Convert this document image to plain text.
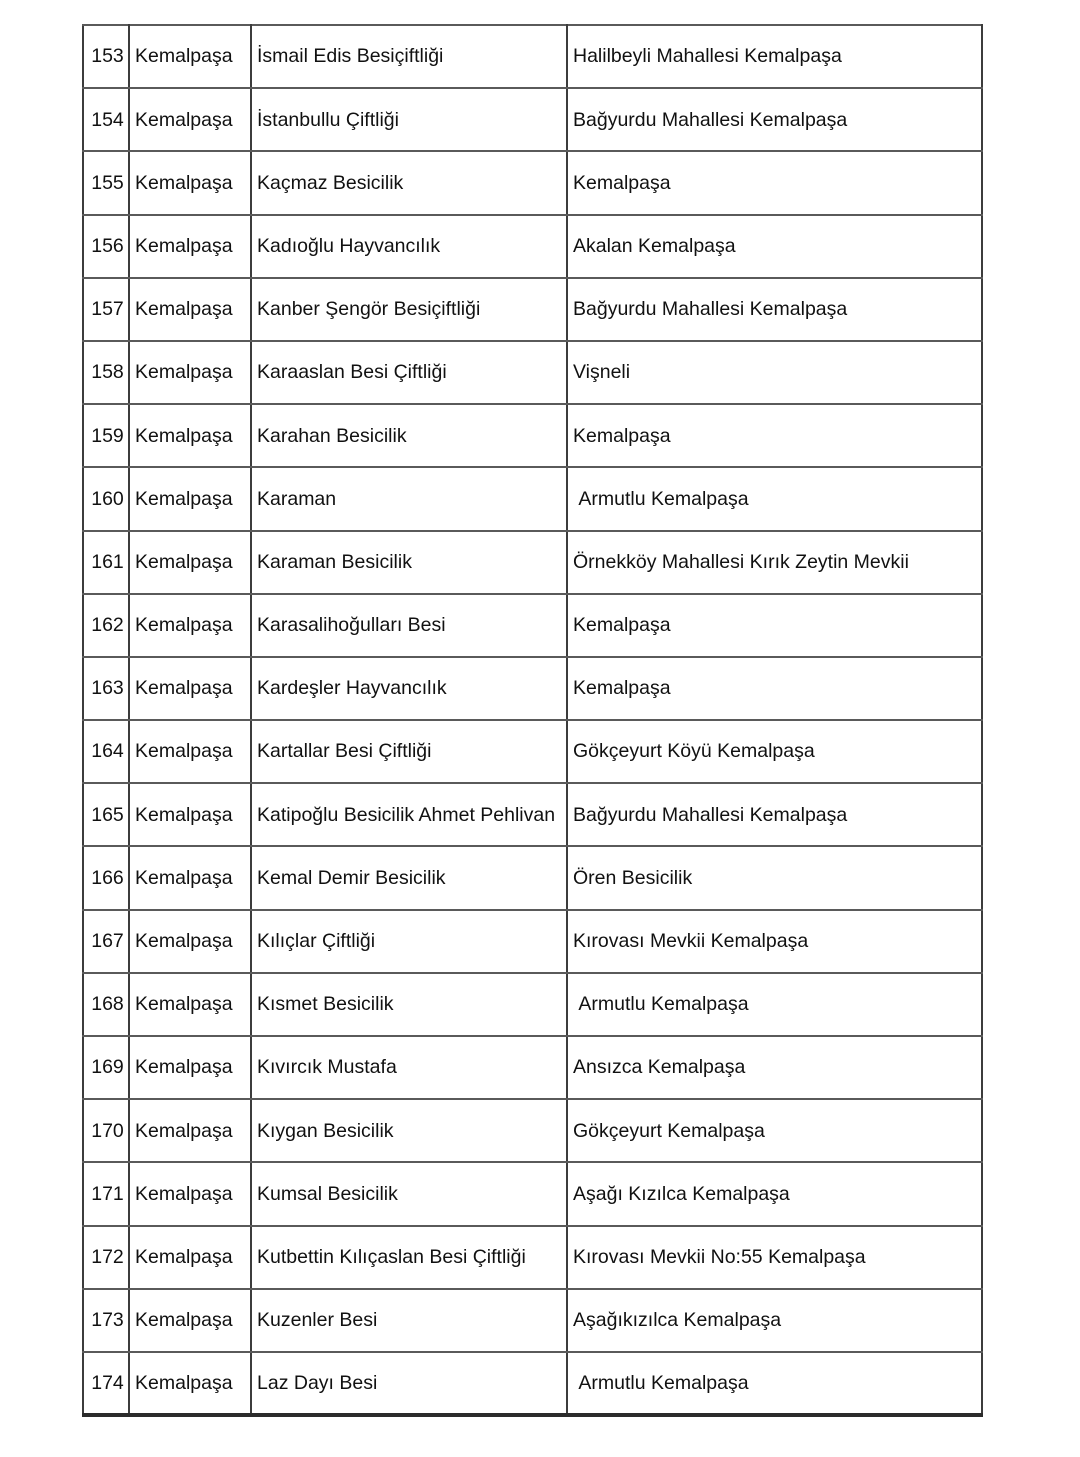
153	Kemalpaşa	İsmail Edis Besiçiftliği	Halilbeyli Mahallesi Kemalpaşa
154	Kemalpaşa	İstanbullu Çiftliği	Bağyurdu Mahallesi Kemalpaşa
155	Kemalpaşa	Kaçmaz Besicilik	Kemalpaşa
156	Kemalpaşa	Kadıoğlu Hayvancılık	Akalan Kemalpaşa
157	Kemalpaşa	Kanber Şengör Besiçiftliği	Bağyurdu Mahallesi Kemalpaşa
158	Kemalpaşa	Karaaslan Besi Çiftliği	Vişneli
159	Kemalpaşa	Karahan Besicilik	Kemalpaşa
160	Kemalpaşa	Karaman	Armutlu Kemalpaşa
161	Kemalpaşa	Karaman Besicilik	Örnekköy Mahallesi Kırık Zeytin Mevkii
162	Kemalpaşa	Karasalihoğulları Besi	Kemalpaşa
163	Kemalpaşa	Kardeşler Hayvancılık	Kemalpaşa
164	Kemalpaşa	Kartallar Besi Çiftliği	Gökçeyurt Köyü Kemalpaşa
165	Kemalpaşa	Katipoğlu Besicilik Ahmet Pehlivan	Bağyurdu Mahallesi Kemalpaşa
166	Kemalpaşa	Kemal Demir Besicilik	Ören Besicilik
167	Kemalpaşa	Kılıçlar Çiftliği	Kırovası Mevkii Kemalpaşa
168	Kemalpaşa	Kısmet Besicilik	Armutlu Kemalpaşa
169	Kemalpaşa	Kıvırcık Mustafa	Ansızca Kemalpaşa
170	Kemalpaşa	Kıygan Besicilik	Gökçeyurt Kemalpaşa
171	Kemalpaşa	Kumsal Besicilik	Aşağı Kızılca Kemalpaşa
172	Kemalpaşa	Kutbettin Kılıçaslan Besi Çiftliği	Kırovası Mevkii No:55 Kemalpaşa
173	Kemalpaşa	Kuzenler Besi	Aşağıkızılca Kemalpaşa
174	Kemalpaşa	Laz Dayı Besi	Armutlu Kemalpaşa
